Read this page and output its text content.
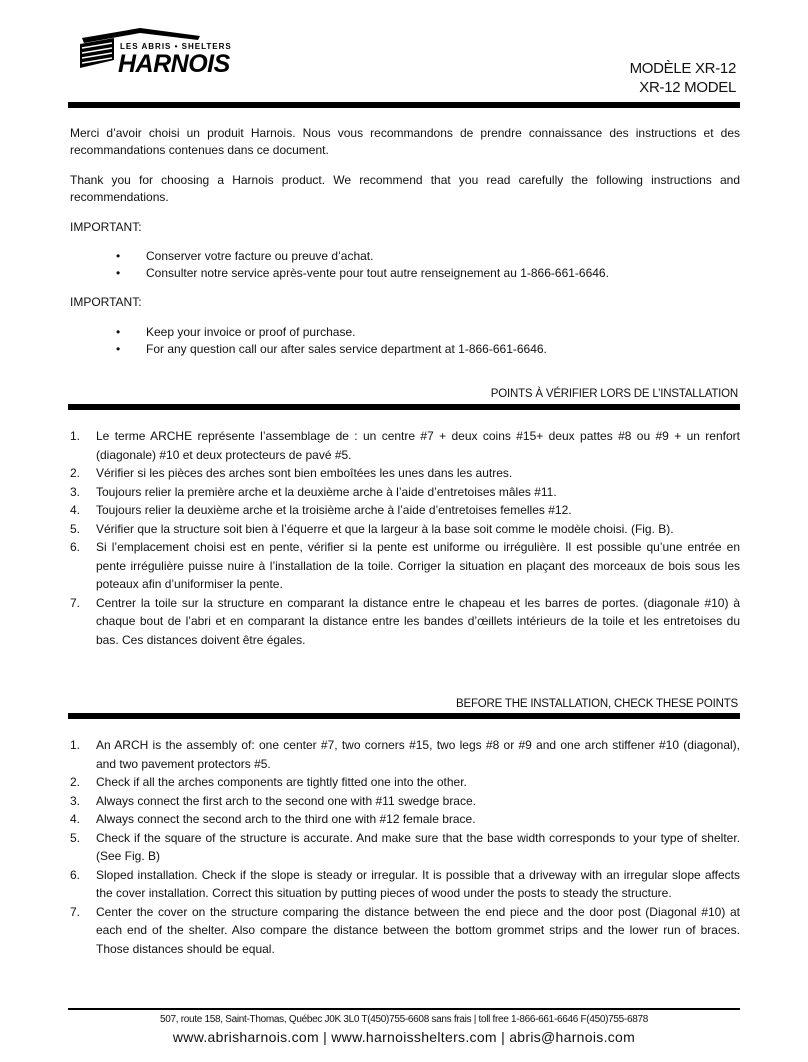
LES ABRIS • SHELTERS
HARNOIS	MODÈLE XR-12
XR-12 MODEL
Merci d’avoir choisi un produit Harnois. Nous vous recommandons de prendre connaissance des instructions et des recommandations contenues dans ce document.
Thank you for choosing a Harnois product. We recommend that you read carefully the following instructions and recommendations.
IMPORTANT:
• Conserver votre facture ou preuve d’achat.
• Consulter notre service après-vente pour tout autre renseignement au 1-866-661-6646.
IMPORTANT:
• Keep your invoice or proof of purchase.
• For any question call our after sales service department at 1-866-661-6646.
POINTS À VÉRIFIER LORS DE L’INSTALLATION
1. Le terme ARCHE représente l’assemblage de : un centre #7 + deux coins #15+ deux pattes #8 ou #9 + un renfort (diagonale) #10 et deux protecteurs de pavé #5.
2. Vérifier si les pièces des arches sont bien emboîtées les unes dans les autres.
3. Toujours relier la première arche et la deuxième arche à l’aide d’entretoises mâles #11.
4. Toujours relier la deuxième arche et la troisième arche à l’aide d’entretoises femelles #12.
5. Vérifier que la structure soit bien à l’équerre et que la largeur à la base soit comme le modèle choisi. (Fig. B).
6. Si l’emplacement choisi est en pente, vérifier si la pente est uniforme ou irrégulière. Il est possible qu’une entrée en pente irrégulière puisse nuire à l’installation de la toile. Corriger la situation en plaçant des morceaux de bois sous les poteaux afin d’uniformiser la pente.
7. Centrer la toile sur la structure en comparant la distance entre le chapeau et les barres de portes. (diagonale #10) à chaque bout de l’abri et en comparant la distance entre les bandes d’œillets intérieurs de la toile et les entretoises du bas. Ces distances doivent être égales.
BEFORE THE INSTALLATION, CHECK THESE POINTS
1. An ARCH is the assembly of: one center #7, two corners #15, two legs #8 or #9 and one arch stiffener #10 (diagonal), and two pavement protectors #5.
2. Check if all the arches components are tightly fitted one into the other.
3. Always connect the first arch to the second one with #11 swedge brace.
4. Always connect the second arch to the third one with #12 female brace.
5. Check if the square of the structure is accurate. And make sure that the base width corresponds to your type of shelter. (See Fig. B)
6. Sloped installation. Check if the slope is steady or irregular. It is possible that a driveway with an irregular slope affects the cover installation. Correct this situation by putting pieces of wood under the posts to steady the structure.
7. Center the cover on the structure comparing the distance between the end piece and the door post (Diagonal #10) at each end of the shelter. Also compare the distance between the bottom grommet strips and the lower run of braces. Those distances should be equal.
507, route 158, Saint-Thomas, Québec J0K 3L0 T(450)755-6608 sans frais | toll free 1-866-661-6646 F(450)755-6878
www.abrisharnois.com | www.harnoisshelters.com | abris@harnois.com
